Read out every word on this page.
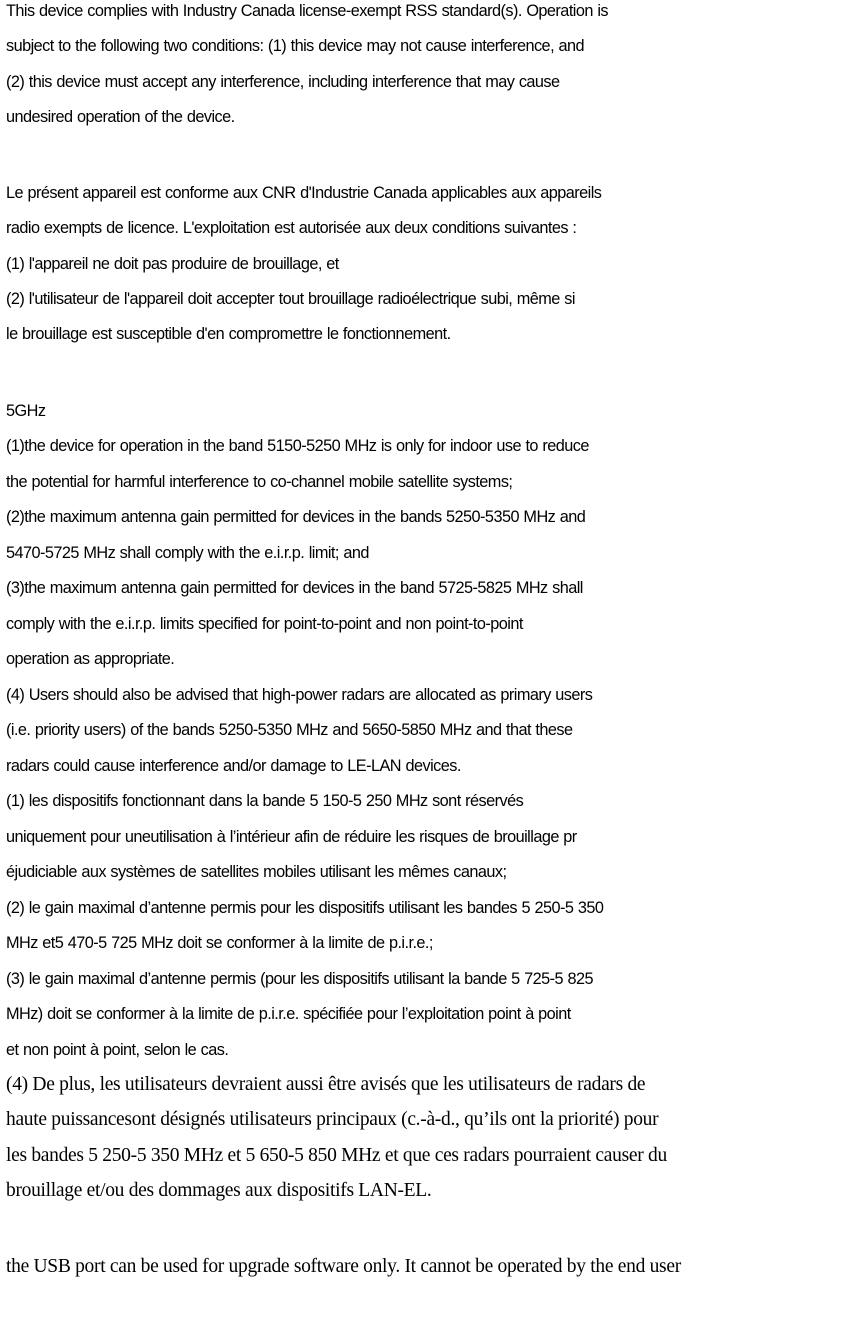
This device complies with Industry Canada license-exempt RSS standard(s). Operation is
subject to the following two conditions: (1) this device may not cause interference, and
(2) this device must accept any interference, including interference that may cause
undesired operation of the device.
Le présent appareil est conforme aux CNR d'Industrie Canada applicables aux appareils
radio exempts de licence. L'exploitation est autorisée aux deux conditions suivantes :
(1) l'appareil ne doit pas produire de brouillage, et
(2) l'utilisateur de l'appareil doit accepter tout brouillage radioélectrique subi, même si
le brouillage est susceptible d'en compromettre le fonctionnement.
5GHz
(1)the device for operation in the band 5150-5250 MHz is only for indoor use to reduce
the potential for harmful interference to co-channel mobile satellite systems;
(2)the maximum antenna gain permitted for devices in the bands 5250-5350 MHz and
5470-5725 MHz shall comply with the e.i.r.p. limit; and
(3)the maximum antenna gain permitted for devices in the band 5725-5825 MHz shall
comply with the e.i.r.p. limits specified for point-to-point and non point-to-point
operation as appropriate.
(4) Users should also be advised that high-power radars are allocated as primary users
(i.e. priority users) of the bands 5250-5350 MHz and 5650-5850 MHz and that these
radars could cause interference and/or damage to LE-LAN devices.
(1) les dispositifs fonctionnant dans la bande 5 150-5 250 MHz sont réservés
uniquement pour uneutilisation à l’intérieur afin de réduire les risques de brouillage pr
éjudiciable aux systèmes de satellites mobiles utilisant les mêmes canaux;
(2) le gain maximal d’antenne permis pour les dispositifs utilisant les bandes 5 250-5 350
MHz et5 470-5 725 MHz doit se conformer à la limite de p.i.r.e.;
(3) le gain maximal d’antenne permis (pour les dispositifs utilisant la bande 5 725-5 825
MHz) doit se conformer à la limite de p.i.r.e. spécifiée pour l’exploitation point à point
et non point à point, selon le cas.
(4) De plus, les utilisateurs devraient aussi être avisés que les utilisateurs de radars de
haute puissancesont désignés utilisateurs principaux (c.-à-d., qu’ils ont la priorité) pour
les bandes 5 250-5 350 MHz et 5 650-5 850 MHz et que ces radars pourraient causer du
brouillage et/ou des dommages aux dispositifs LAN-EL.
the USB port can be used for upgrade software only. It cannot be operated by the end user
